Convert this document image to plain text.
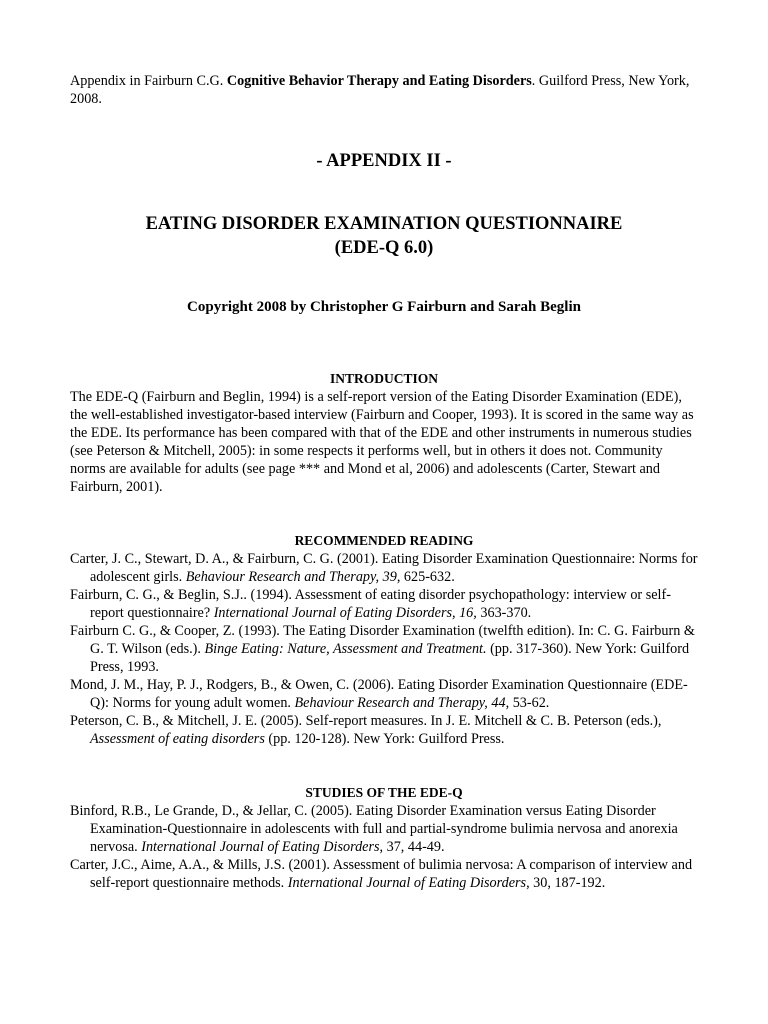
Appendix in Fairburn C.G. Cognitive Behavior Therapy and Eating Disorders. Guilford Press, New York, 2008.

- APPENDIX II -
EATING DISORDER EXAMINATION QUESTIONNAIRE
(EDE-Q 6.0)

Copyright 2008 by Christopher G Fairburn and Sarah Beglin

INTRODUCTION

The EDE-Q (Fairburn and Beglin, 1994) is a self-report version of the Eating Disorder Examination (EDE), the well-established investigator-based interview (Fairburn and Cooper, 1993). It is scored in the same way as the EDE. Its performance has been compared with that of the EDE and other instruments in numerous studies (see Peterson & Mitchell, 2005): in some respects it performs well, but in others it does not. Community norms are available for adults (see page *** and Mond et al, 2006) and adolescents (Carter, Stewart and Fairburn, 2001).

RECOMMENDED READING

Carter, J. C., Stewart, D. A., & Fairburn, C. G. (2001). Eating Disorder Examination Questionnaire: Norms for adolescent girls. Behaviour Research and Therapy, 39, 625-632.

Fairburn, C. G., & Beglin, S.J.. (1994). Assessment of eating disorder psychopathology: interview or self-report questionnaire? International Journal of Eating Disorders, 16, 363-370.

Fairburn C. G., & Cooper, Z. (1993). The Eating Disorder Examination (twelfth edition). In: C. G. Fairburn & G. T. Wilson (eds.). Binge Eating: Nature, Assessment and Treatment. (pp. 317-360). New York: Guilford Press, 1993.

Mond, J. M., Hay, P. J., Rodgers, B., & Owen, C. (2006). Eating Disorder Examination Questionnaire (EDE-Q): Norms for young adult women. Behaviour Research and Therapy, 44, 53-62.

Peterson, C. B., & Mitchell, J. E. (2005). Self-report measures. In J. E. Mitchell & C. B. Peterson (eds.), Assessment of eating disorders (pp. 120-128). New York: Guilford Press.

STUDIES OF THE EDE-Q

Binford, R.B., Le Grande, D., & Jellar, C. (2005). Eating Disorder Examination versus Eating Disorder Examination-Questionnaire in adolescents with full and partial-syndrome bulimia nervosa and anorexia nervosa. International Journal of Eating Disorders, 37, 44-49.

Carter, J.C., Aime, A.A., & Mills, J.S. (2001). Assessment of bulimia nervosa: A comparison of interview and self-report questionnaire methods. International Journal of Eating Disorders, 30, 187-192.
